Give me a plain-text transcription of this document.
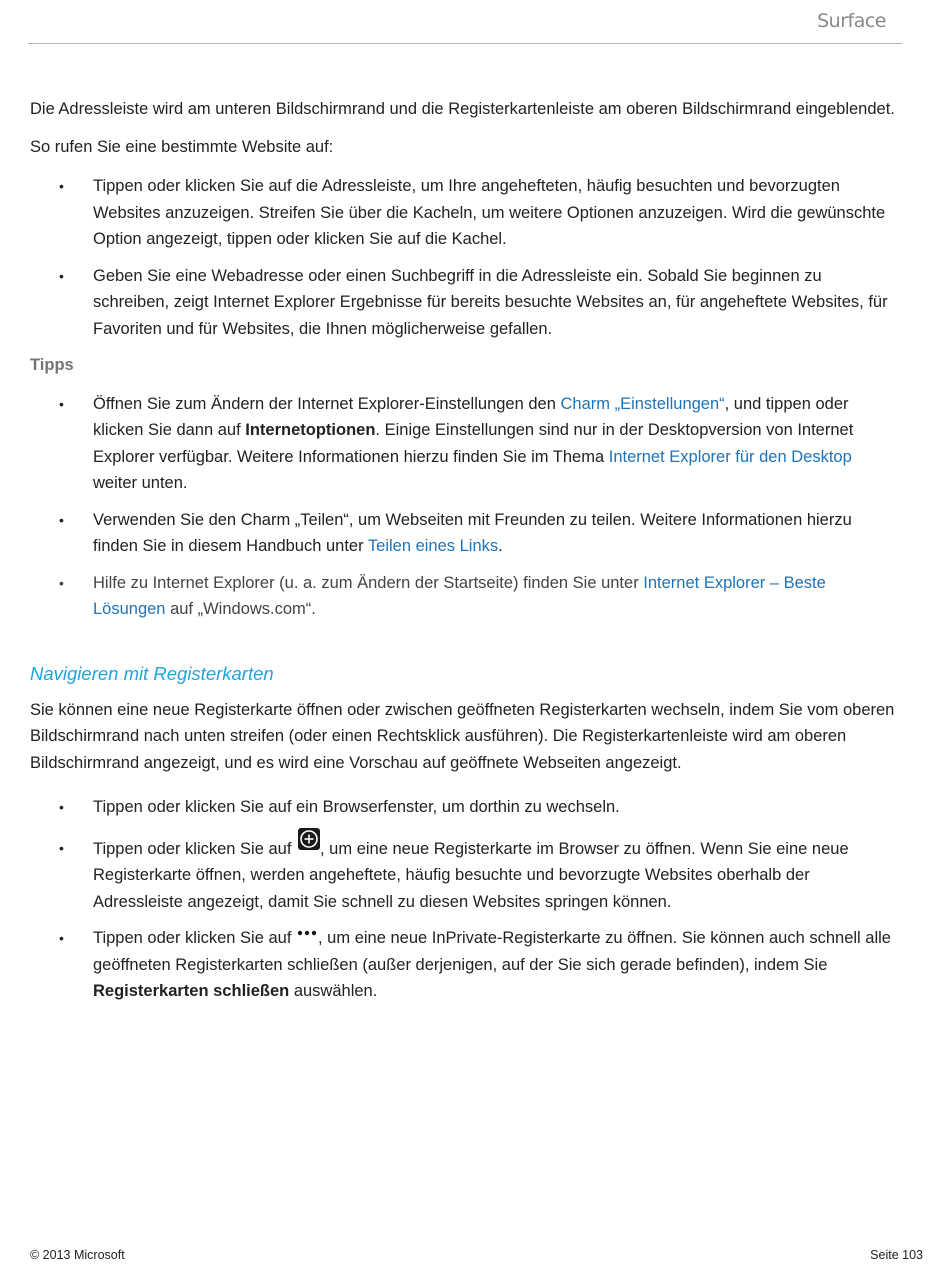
Surface

Die Adressleiste wird am unteren Bildschirmrand und die Registerkartenleiste am oberen Bildschirmrand eingeblendet.

So rufen Sie eine bestimmte Website auf:

• Tippen oder klicken Sie auf die Adressleiste, um Ihre angehefteten, häufig besuchten und bevorzugten Websites anzuzeigen. Streifen Sie über die Kacheln, um weitere Optionen anzuzeigen. Wird die gewünschte Option angezeigt, tippen oder klicken Sie auf die Kachel.
• Geben Sie eine Webadresse oder einen Suchbegriff in die Adressleiste ein. Sobald Sie beginnen zu schreiben, zeigt Internet Explorer Ergebnisse für bereits besuchte Websites an, für angeheftete Websites, für Favoriten und für Websites, die Ihnen möglicherweise gefallen.
Tipps
• Öffnen Sie zum Ändern der Internet Explorer-Einstellungen den Charm „Einstellungen“, und tippen oder klicken Sie dann auf Internetoptionen. Einige Einstellungen sind nur in der Desktopversion von Internet Explorer verfügbar. Weitere Informationen hierzu finden Sie im Thema Internet Explorer für den Desktop weiter unten.
• Verwenden Sie den Charm „Teilen“, um Webseiten mit Freunden zu teilen. Weitere Informationen hierzu finden Sie in diesem Handbuch unter Teilen eines Links.
• Hilfe zu Internet Explorer (u. a. zum Ändern der Startseite) finden Sie unter Internet Explorer – Beste Lösungen auf „Windows.com“.
Navigieren mit Registerkarten

Sie können eine neue Registerkarte öffnen oder zwischen geöffneten Registerkarten wechseln, indem Sie vom oberen Bildschirmrand nach unten streifen (oder einen Rechtsklick ausführen). Die Registerkartenleiste wird am oberen Bildschirmrand angezeigt, und es wird eine Vorschau auf geöffnete Webseiten angezeigt.

• Tippen oder klicken Sie auf ein Browserfenster, um dorthin zu wechseln.
• Tippen oder klicken Sie auf
, um eine neue Registerkarte im Browser zu öffnen. Wenn Sie eine neue Registerkarte öffnen, werden angeheftete, häufig besuchte und bevorzugte Websites oberhalb der Adressleiste angezeigt, damit Sie schnell zu diesen Websites springen können.
• Tippen oder klicken Sie auf , um eine neue InPrivate-Registerkarte zu öffnen. Sie können auch schnell alle geöffneten Registerkarten schließen (außer derjenigen, auf der Sie sich gerade befinden), indem Sie Registerkarten schließen auswählen.
© 2013 Microsoft	Seite 103
